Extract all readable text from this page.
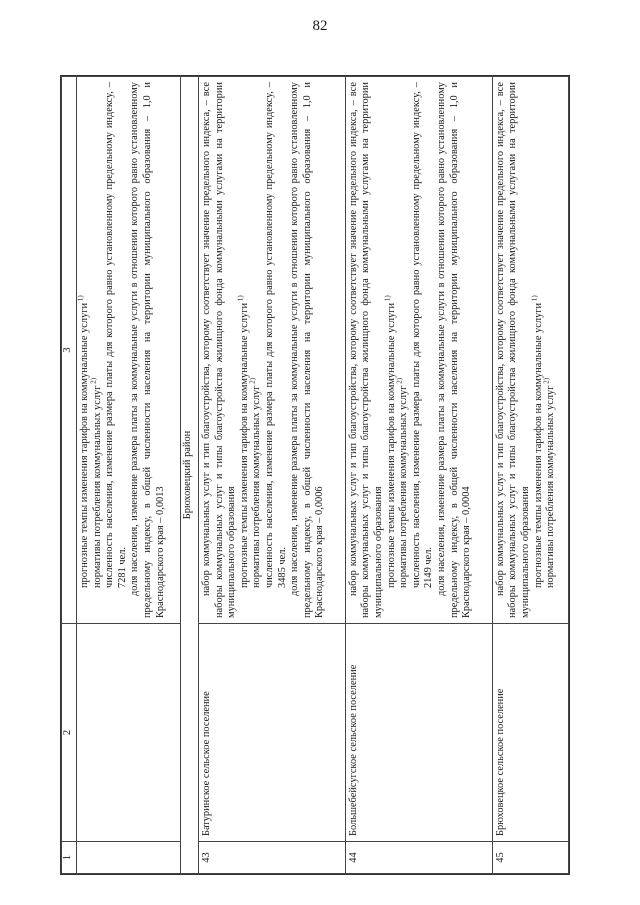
82
1	2	3

		прогнозные темпы изменения тарифов на коммунальные услуги $^{1)}$

нормативы потребления коммунальных услуг $^{2)}$ численность населения, изменение размера платы для которого равно установленному предельному индексу, – 7281 чел. доля населения, изменение размера платы за коммунальные услуги в отношении которого равно установленному предельному индексу, в общей численности населения на территории муниципального образования – 1,0 и Краснодарского края – 0,0013

Брюховецкий район		
43	Батуринское сельское поселение	набор коммунальных услуг и тип благоустройства, которому соответствует значение предельного индекса, – все наборы коммунальных услуг и типы благоустройства жилищного фонда коммунальными услугами на территории муниципального образования прогнозные темпы изменения тарифов на коммунальные услуги $^{1)}$

нормативы потребления коммунальных услуг $^{2)}$ численность населения, изменение размера платы для которого равно установленному предельному индексу, – 3485 чел. доля населения, изменение размера платы за коммунальные услуги в отношении которого равно установленному предельному индексу, в общей численности населения на территории муниципального образования – 1,0 и Краснодарского края – 0,0006

44	Большебейсугское сельское поселение	набор коммунальных услуг и тип благоустройства, которому соответствует значение предельного индекса, – все наборы коммунальных услуг и типы благоустройства жилищного фонда коммунальными услугами на территории муниципального образования прогнозные темпы изменения тарифов на коммунальные услуги $^{1)}$

нормативы потребления коммунальных услуг $^{2)}$ численность населения, изменение размера платы для которого равно установленному предельному индексу, – 2149 чел. доля населения, изменение размера платы за коммунальные услуги в отношении которого равно установленному предельному индексу, в общей численности населения на территории муниципального образования – 1,0 и Краснодарского края – 0,0004

45	Брюховецкое сельское поселение	набор коммунальных услуг и тип благоустройства, которому соответствует значение предельного индекса, – все наборы коммунальных услуг и типы благоустройства жилищного фонда коммунальными услугами на территории муниципального образования прогнозные темпы изменения тарифов на коммунальные услуги $^{1)}$

нормативы потребления коммунальных услуг $^{2)}$
